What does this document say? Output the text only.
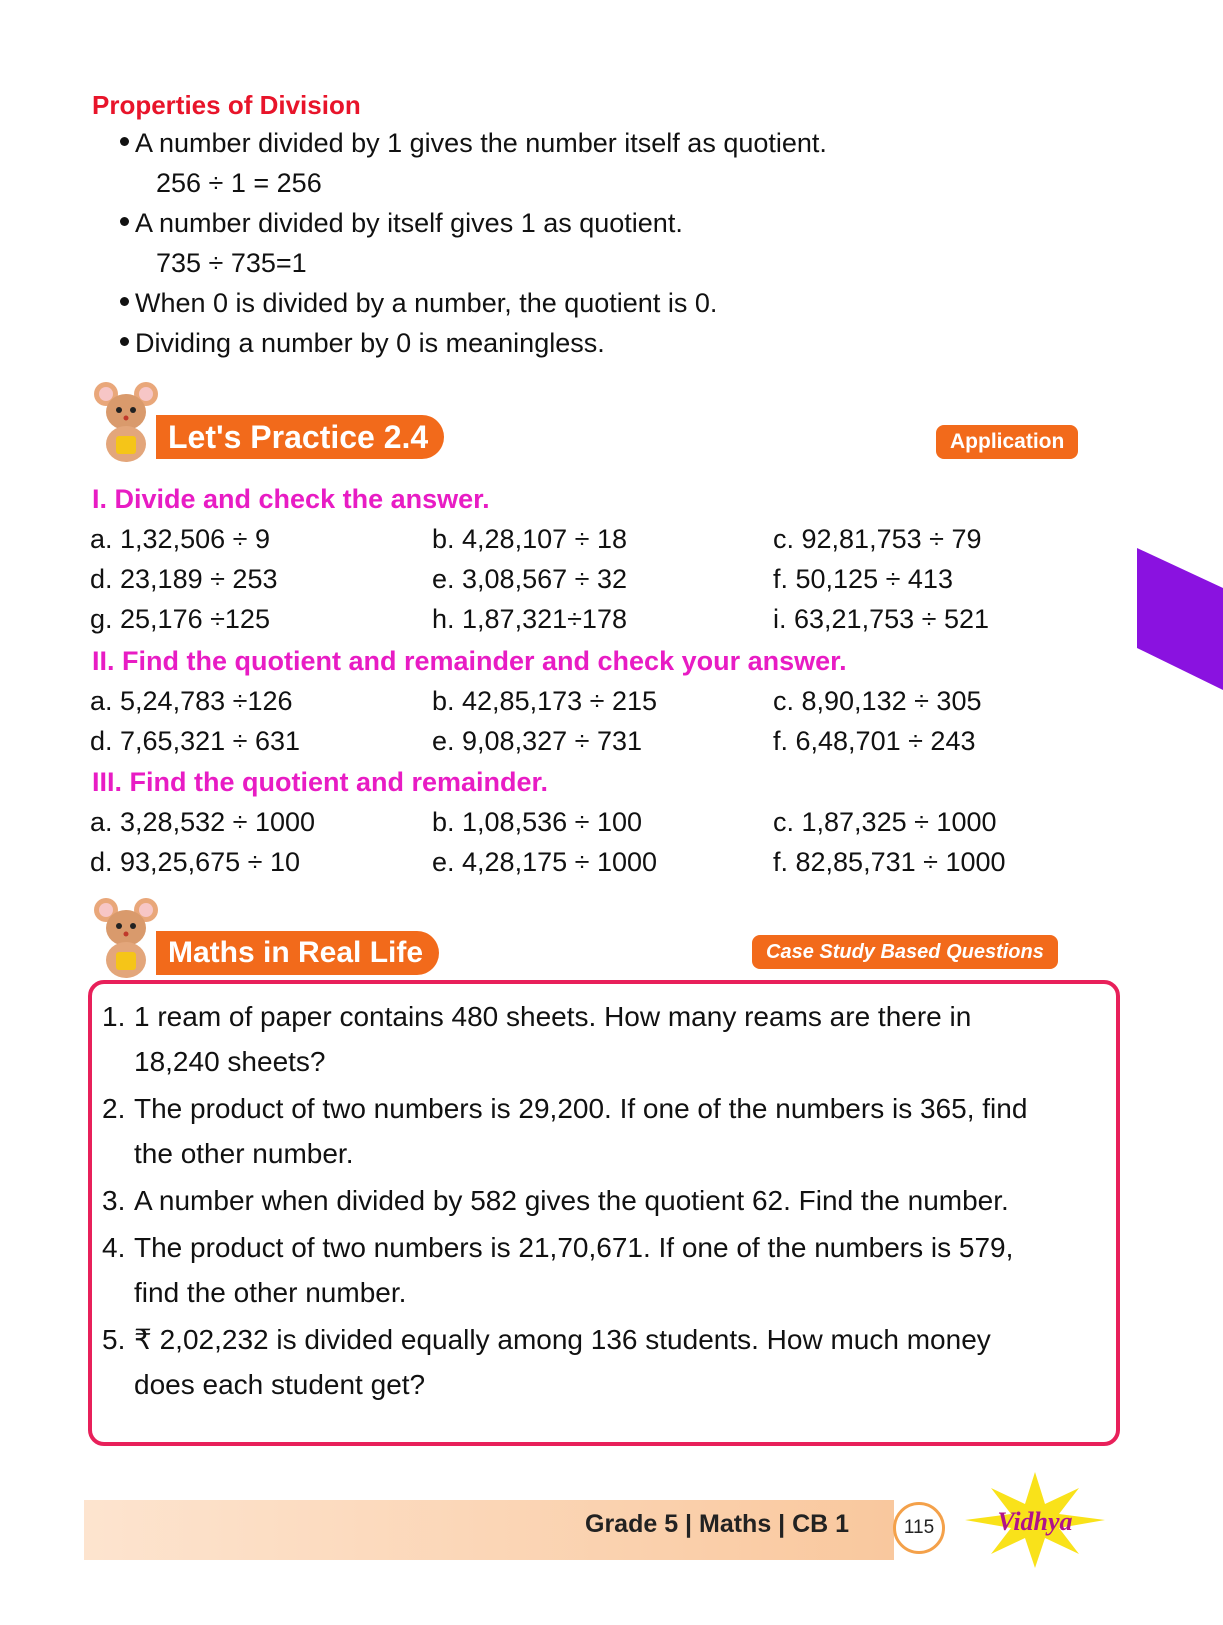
Properties of Division
A number divided by 1 gives the number itself as quotient.
256 ÷ 1 = 256
A number divided by itself gives 1 as quotient.
735 ÷ 735=1
When 0 is divided by a number, the quotient is 0.
Dividing a number by 0 is meaningless.
Let's Practice 2.4	Application
I. Divide and check the answer.
a. 1,32,506 ÷ 9	b. 4,28,107 ÷ 18	c. 92,81,753 ÷ 79
d. 23,189 ÷ 253	e. 3,08,567 ÷ 32	f. 50,125 ÷ 413
g. 25,176 ÷125	h. 1,87,321÷178	i. 63,21,753 ÷ 521
II. Find the quotient and remainder and check your answer.
a. 5,24,783 ÷126	b. 42,85,173 ÷ 215	c. 8,90,132 ÷ 305
d. 7,65,321 ÷ 631	e. 9,08,327 ÷ 731	f. 6,48,701 ÷ 243
III. Find the quotient and remainder.
a. 3,28,532 ÷ 1000	b. 1,08,536 ÷ 100	c. 1,87,325 ÷ 1000
d. 93,25,675 ÷ 10	e. 4,28,175 ÷ 1000	f. 82,85,731 ÷ 1000
Maths in Real Life	Case Study Based Questions
1. 1 ream of paper contains 480 sheets. How many reams are there in
18,240 sheets?
2. The product of two numbers is 29,200. If one of the numbers is 365, find
the other number.
3. A number when divided by 582 gives the quotient 62. Find the number.
4. The product of two numbers is 21,70,671. If one of the numbers is 579,
find the other number.
5. ₹ 2,02,232 is divided equally among 136 students. How much money
does each student get?
Grade 5 | Maths | CB 1	115	Vidhya
